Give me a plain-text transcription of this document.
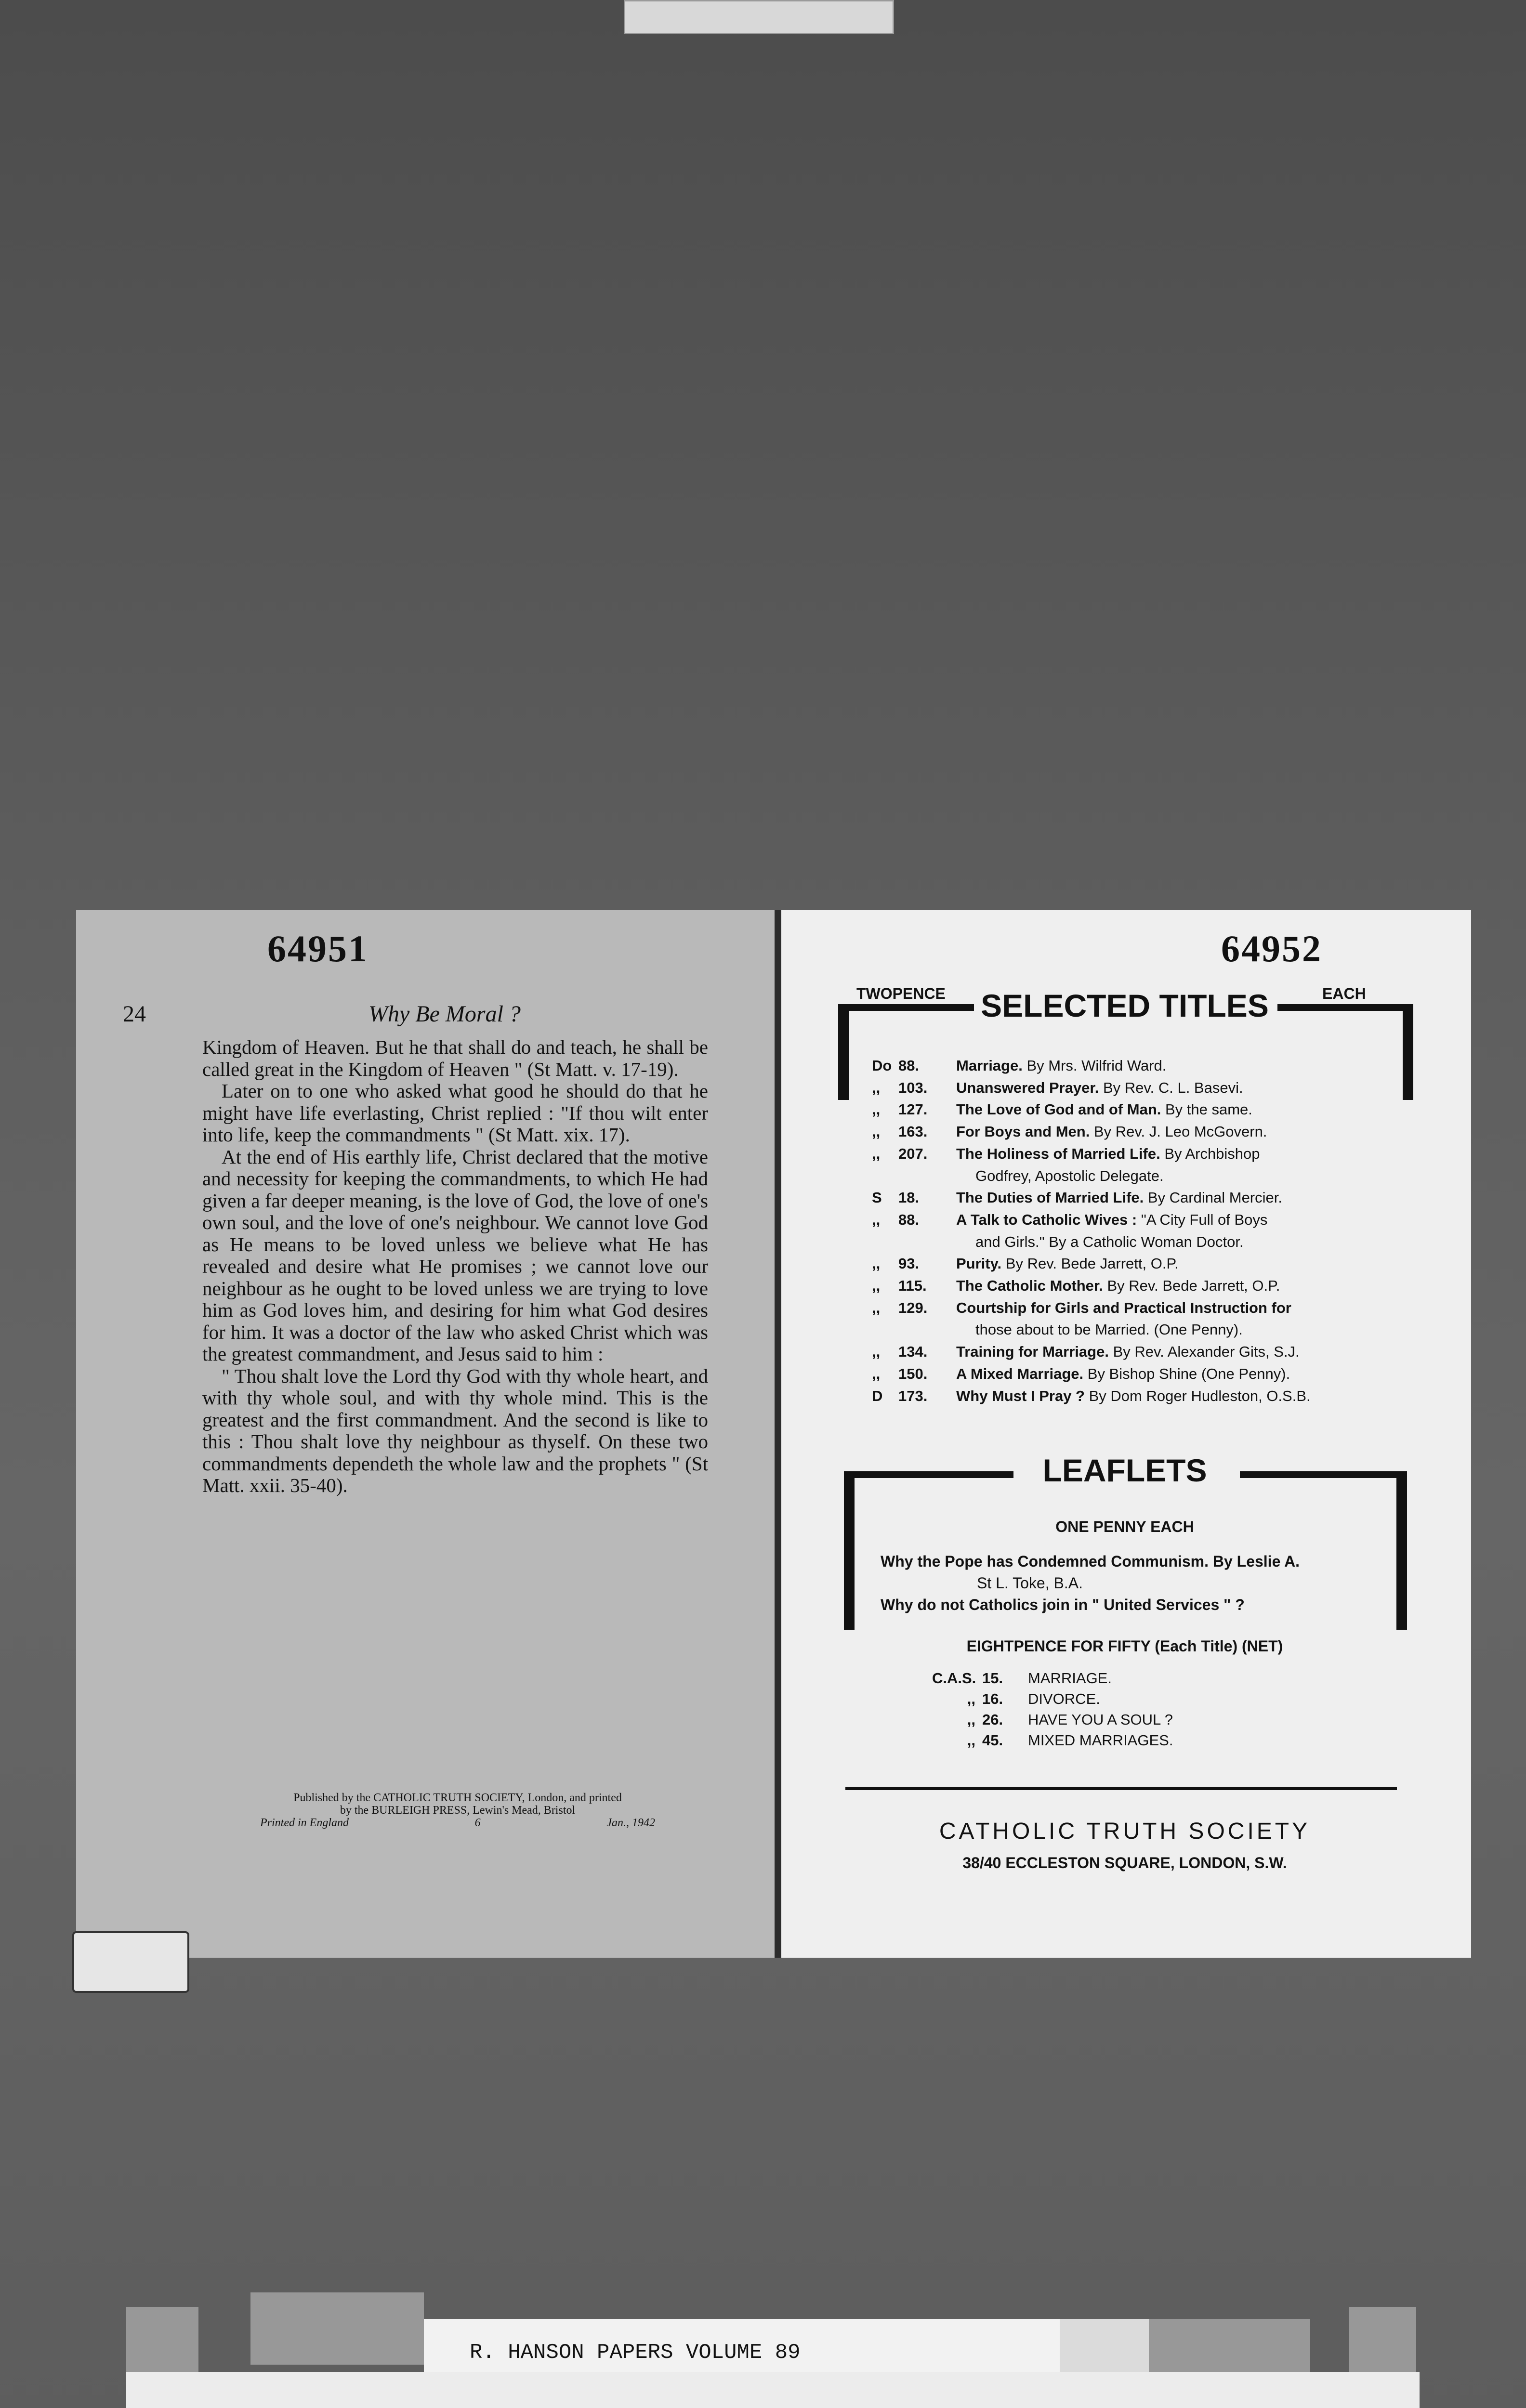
64951	64952
24	Why Be Moral ?

Kingdom of Heaven. But he that shall do and teach, he shall be called great in the Kingdom of Heaven " (St Matt. v. 17-19).

Later on to one who asked what good he should do that he might have life everlasting, Christ replied : "If thou wilt enter into life, keep the commandments " (St Matt. xix. 17).

At the end of His earthly life, Christ declared that the motive and necessity for keeping the commandments, to which He had given a far deeper meaning, is the love of God, the love of one's own soul, and the love of one's neighbour. We cannot love God as He means to be loved unless we believe what He has revealed and desire what He promises ; we cannot love our neighbour as he ought to be loved unless we are trying to love him as God loves him, and desiring for him what God desires for him. It was a doctor of the law who asked Christ which was the greatest commandment, and Jesus said to him :

" Thou shalt love the Lord thy God with thy whole heart, and with thy whole soul, and with thy whole mind. This is the greatest and the first commandment. And the second is like to this : Thou shalt love thy neighbour as thyself. On these two commandments dependeth the whole law and the prophets " (St Matt. xxii. 35-40).

Published by the CATHOLIC TRUTH SOCIETY, London, and printed
by the BURLEIGH PRESS, Lewin's Mead, Bristol
Printed in England	6	Jan., 1942
TWOPENCE	EACH
SELECTED TITLES
Do 88.	Marriage. By Mrs. Wilfrid Ward.
,,	103.	Unanswered Prayer. By Rev. C. L. Basevi.
,,	127.	The Love of God and of Man. By the same.
,,	163.	For Boys and Men. By Rev. J. Leo McGovern.
,,	207.	The Holiness of Married Life. By Archbishop
Godfrey, Apostolic Delegate.
S	18.	The Duties of Married Life. By Cardinal Mercier.
,,	88.	A Talk to Catholic Wives : "A City Full of Boys
and Girls." By a Catholic Woman Doctor.
,,	93.	Purity. By Rev. Bede Jarrett, O.P.
,,	115.	The Catholic Mother. By Rev. Bede Jarrett, O.P.
,,	129.	Courtship for Girls and Practical Instruction for
those about to be Married. (One Penny).
,,	134.	Training for Marriage. By Rev. Alexander Gits, S.J.
,,	150.	A Mixed Marriage. By Bishop Shine (One Penny).
D	173.	Why Must I Pray ? By Dom Roger Hudleston, O.S.B.
LEAFLETS
ONE PENNY EACH
Why the Pope has Condemned Communism. By Leslie A.
St L. Toke, B.A.
Why do not Catholics join in " United Services " ?
EIGHTPENCE FOR FIFTY (Each Title) (NET)
C.A.S. 15.	MARRIAGE.
,, 16.	DIVORCE.
,, 26.	HAVE YOU A SOUL ?
,, 45.	MIXED MARRIAGES.
CATHOLIC TRUTH SOCIETY
38/40 ECCLESTON SQUARE, LONDON, S.W.
R. HANSON PAPERS VOLUME 89
